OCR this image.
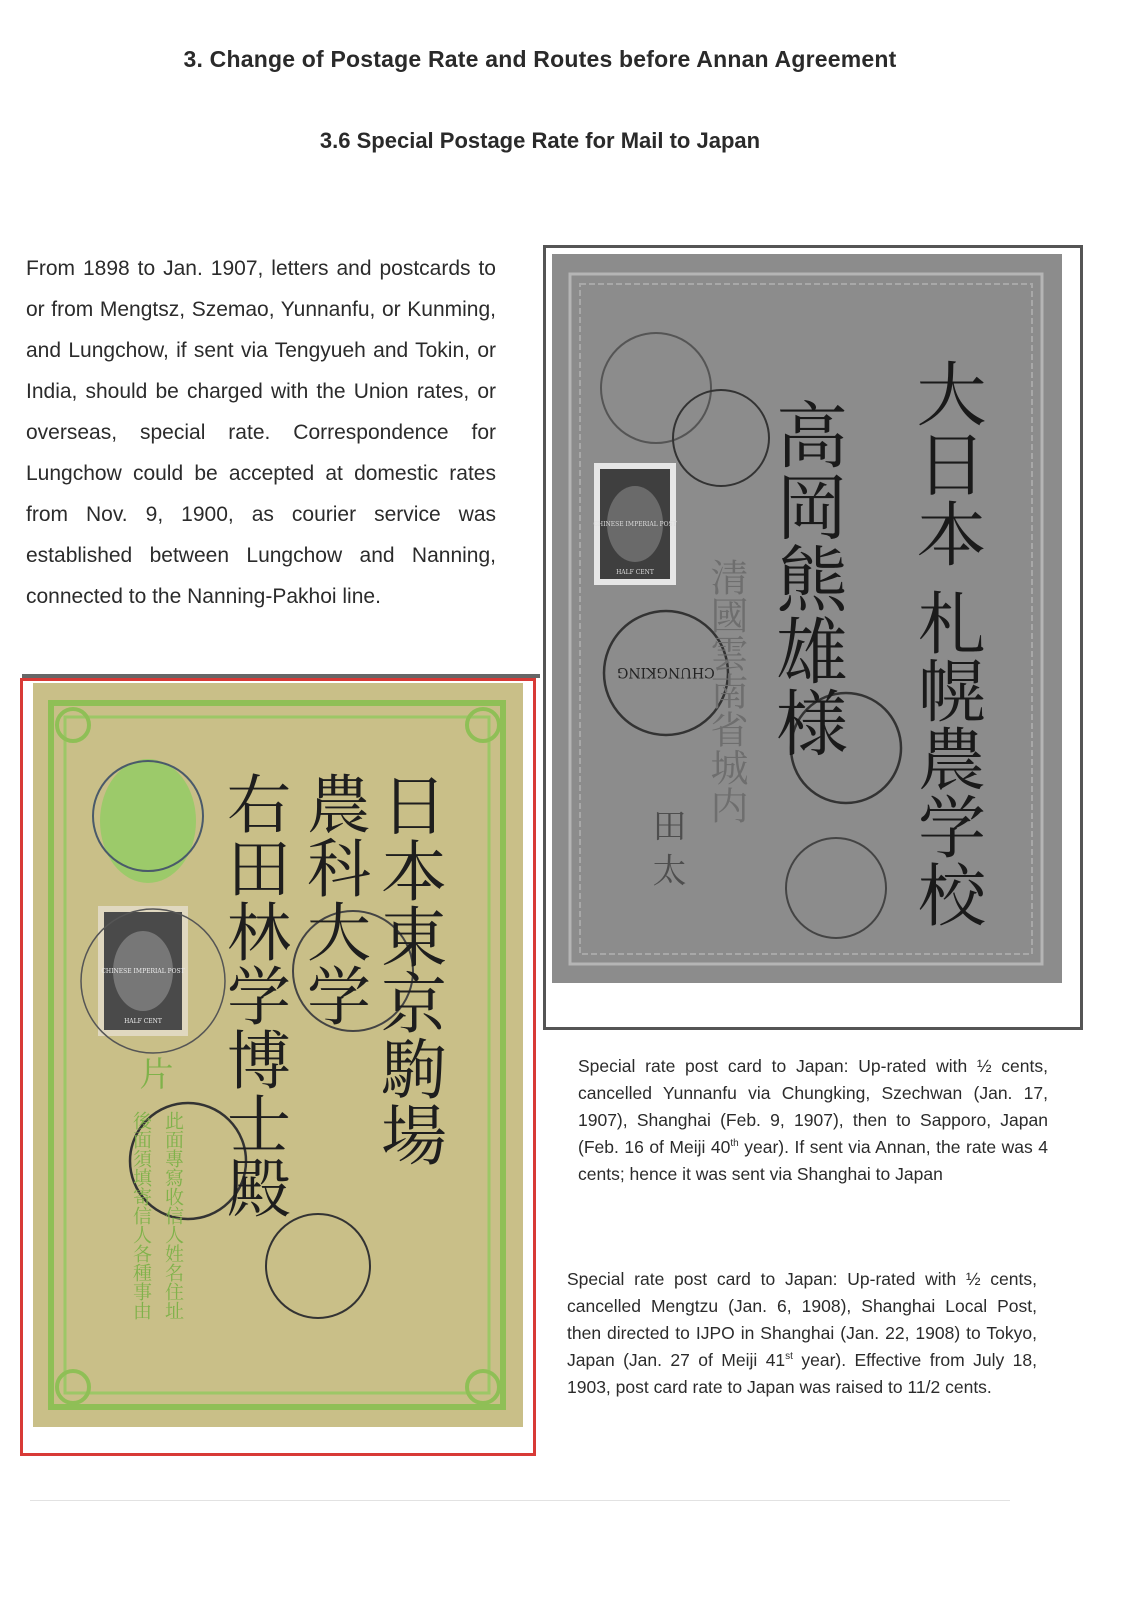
3. Change of Postage Rate and Routes before Annan Agreement
3.6 Special Postage Rate for Mail to Japan
From 1898 to Jan. 1907, letters and postcards to or from Mengtsz, Szemao, Yunnanfu, or Kunming, and Lungchow, if sent via Tengyueh and Tokin, or India, should be charged with the Union rates, or overseas, special rate. Correspondence for Lungchow could be accepted at domestic rates from Nov. 9, 1900, as courier service was established between Lungchow and Nanning, connected to the Nanning-Pakhoi line.
CHINESE IMPERIAL POST
HALF CENT
CHUNGKING
大日本
札幌農学校
高岡熊雄様
清國雲南省城内
田 太
Special rate post card to Japan: Up-rated with ½ cents, cancelled Yunnanfu via Chungking, Szechwan (Jan. 17, 1907), Shanghai (Feb. 9, 1907), then to Sapporo, Japan (Feb. 16 of Meiji 40th year). If sent via Annan, the rate was 4 cents; hence it was sent via Shanghai to Japan
CHINESE IMPERIAL POST
HALF CENT
片
此面專寫收信人姓名住址
後面須填寄信人各種事由
日本東京駒場
農科大学
右田林学博士殿
Special rate post card to Japan: Up-rated with ½ cents, cancelled Mengtzu (Jan. 6, 1908), Shanghai Local Post, then directed to IJPO in Shanghai (Jan. 22, 1908) to Tokyo, Japan (Jan. 27 of Meiji 41st year). Effective from July 18, 1903, post card rate to Japan was raised to 11/2 cents.
